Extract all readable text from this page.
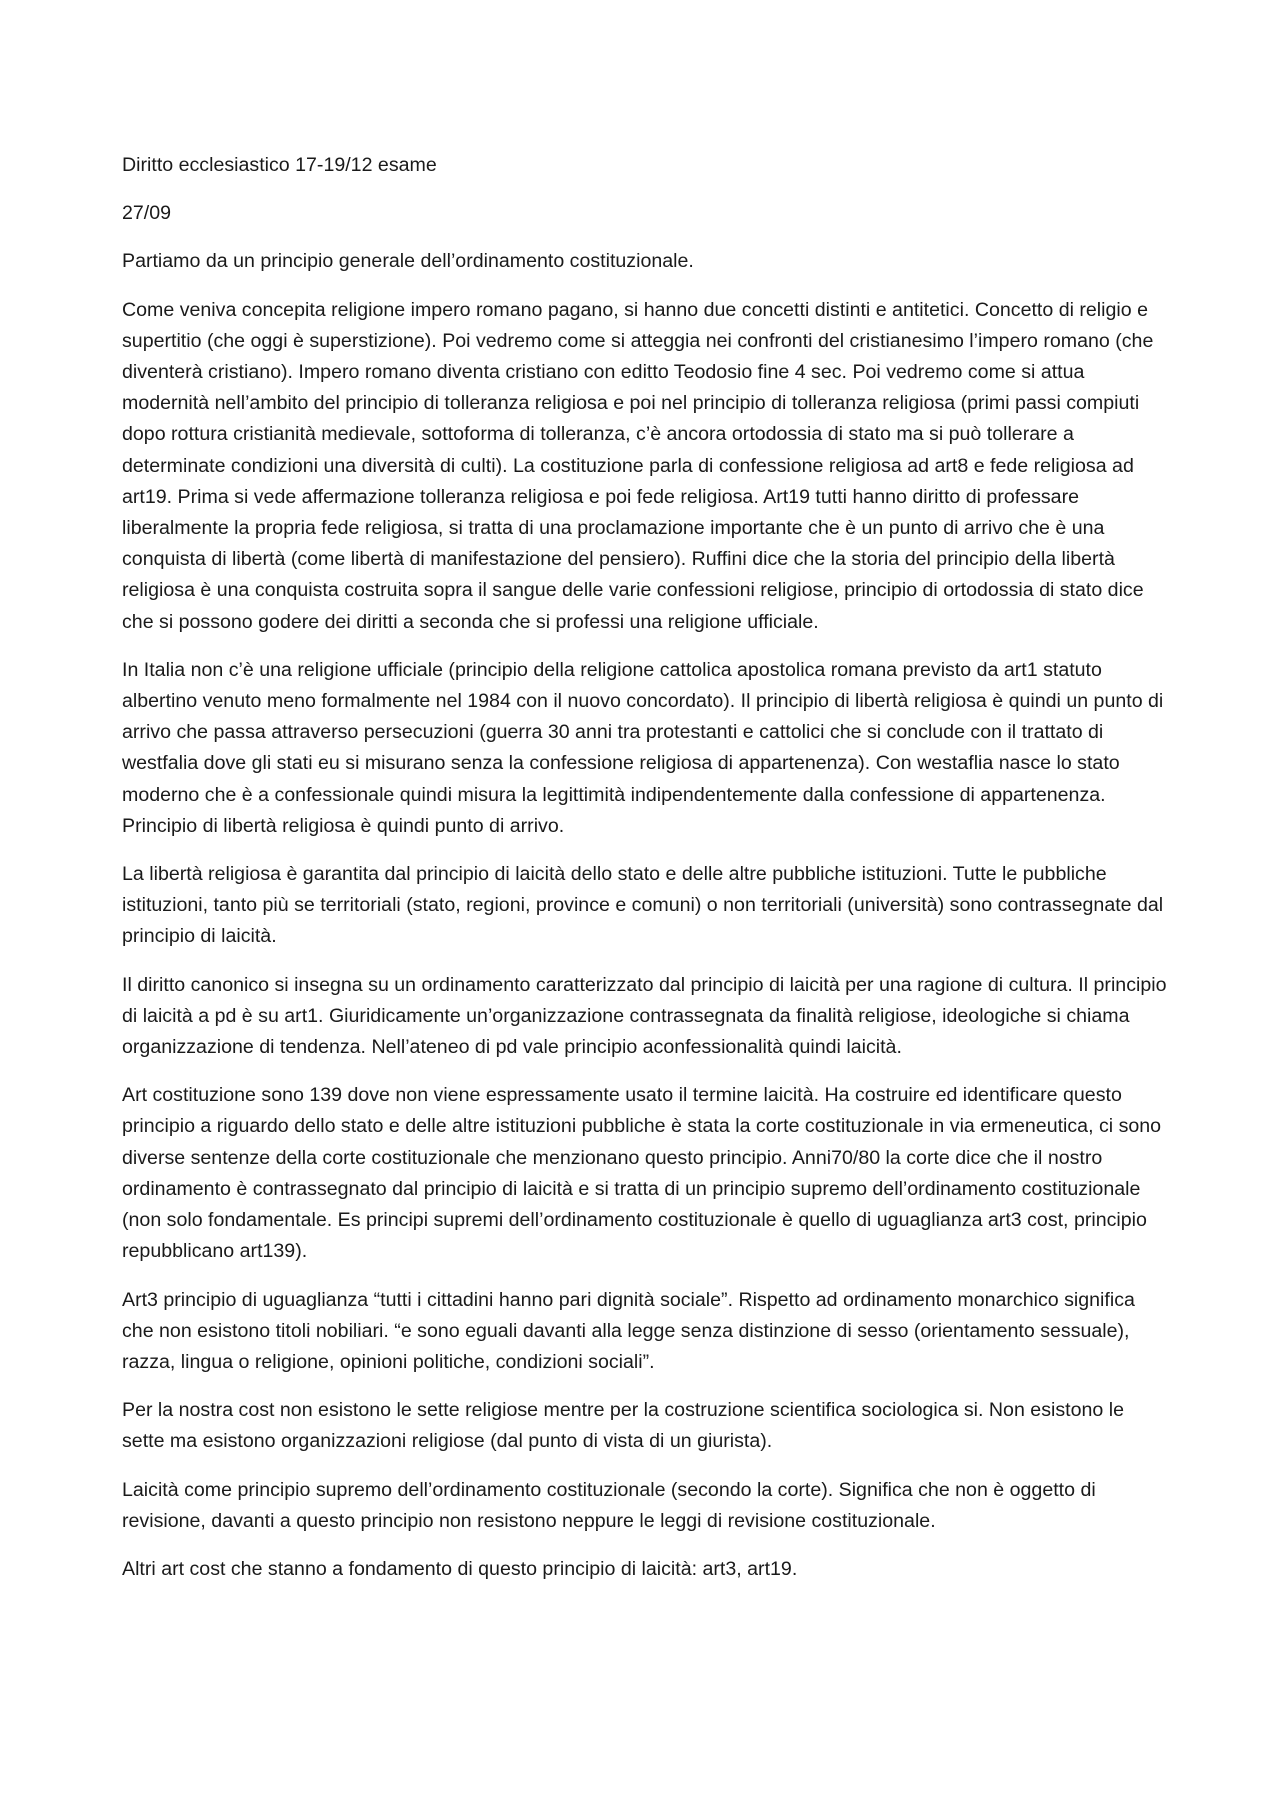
Diritto ecclesiastico 17-19/12 esame

27/09

Partiamo da un principio generale dell’ordinamento costituzionale.

Come veniva concepita religione impero romano pagano, si hanno due concetti distinti e antitetici. Concetto di religio e supertitio (che oggi è superstizione). Poi vedremo come si atteggia nei confronti del cristianesimo l’impero romano (che diventerà cristiano). Impero romano diventa cristiano con editto Teodosio fine 4 sec. Poi vedremo come si attua modernità nell’ambito del principio di tolleranza religiosa e poi nel principio di tolleranza religiosa (primi passi compiuti dopo rottura cristianità medievale, sottoforma di tolleranza, c’è ancora ortodossia di stato ma si può tollerare a determinate condizioni una diversità di culti). La costituzione parla di confessione religiosa ad art8 e fede religiosa ad art19. Prima si vede affermazione tolleranza religiosa e poi fede religiosa. Art19 tutti hanno diritto di professare liberalmente la propria fede religiosa, si tratta di una proclamazione importante che è un punto di arrivo che è una conquista di libertà (come libertà di manifestazione del pensiero). Ruffini dice che la storia del principio della libertà religiosa è una conquista costruita sopra il sangue delle varie confessioni religiose, principio di ortodossia di stato dice che si possono godere dei diritti a seconda che si professi una religione ufficiale.

In Italia non c’è una religione ufficiale (principio della religione cattolica apostolica romana previsto da art1 statuto albertino venuto meno formalmente nel 1984 con il nuovo concordato). Il principio di libertà religiosa è quindi un punto di arrivo che passa attraverso persecuzioni (guerra 30 anni tra protestanti e cattolici che si conclude con il trattato di westfalia dove gli stati eu si misurano senza la confessione religiosa di appartenenza). Con westaflia nasce lo stato moderno che è a confessionale quindi misura la legittimità indipendentemente dalla confessione di appartenenza. Principio di libertà religiosa è quindi punto di arrivo.

La libertà religiosa è garantita dal principio di laicità dello stato e delle altre pubbliche istituzioni. Tutte le pubbliche istituzioni, tanto più se territoriali (stato, regioni, province e comuni) o non territoriali (università) sono contrassegnate dal principio di laicità.

Il diritto canonico si insegna su un ordinamento caratterizzato dal principio di laicità per una ragione di cultura. Il principio di laicità a pd è su art1. Giuridicamente un’organizzazione contrassegnata da finalità religiose, ideologiche si chiama organizzazione di tendenza. Nell’ateneo di pd vale principio aconfessionalità quindi laicità.

Art costituzione sono 139 dove non viene espressamente usato il termine laicità. Ha costruire ed identificare questo principio a riguardo dello stato e delle altre istituzioni pubbliche è stata la corte costituzionale in via ermeneutica, ci sono diverse sentenze della corte costituzionale che menzionano questo principio. Anni70/80 la corte dice che il nostro ordinamento è contrassegnato dal principio di laicità e si tratta di un principio supremo dell’ordinamento costituzionale (non solo fondamentale. Es principi supremi dell’ordinamento costituzionale è quello di uguaglianza art3 cost, principio repubblicano art139).

Art3 principio di uguaglianza “tutti i cittadini hanno pari dignità sociale”. Rispetto ad ordinamento monarchico significa che non esistono titoli nobiliari. “e sono eguali davanti alla legge senza distinzione di sesso (orientamento sessuale), razza, lingua o religione, opinioni politiche, condizioni sociali”.

Per la nostra cost non esistono le sette religiose mentre per la costruzione scientifica sociologica si. Non esistono le sette ma esistono organizzazioni religiose (dal punto di vista di un giurista).

Laicità come principio supremo dell’ordinamento costituzionale (secondo la corte). Significa che non è oggetto di revisione, davanti a questo principio non resistono neppure le leggi di revisione costituzionale.

Altri art cost che stanno a fondamento di questo principio di laicità: art3, art19.
